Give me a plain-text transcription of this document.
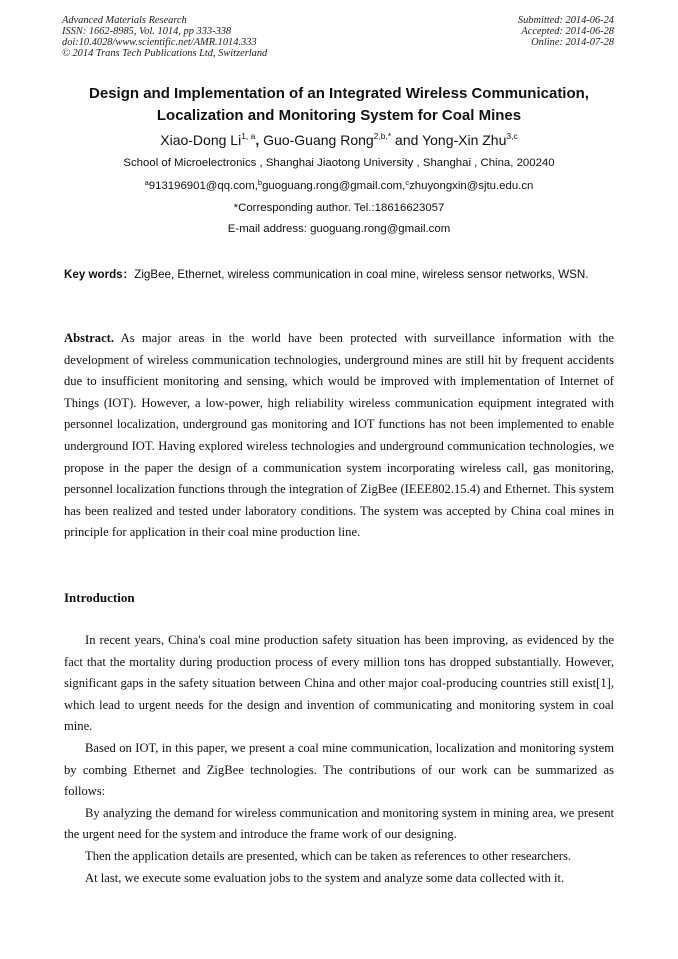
Advanced Materials Research
ISSN: 1662-8985, Vol. 1014, pp 333-338
doi:10.4028/www.scientific.net/AMR.1014.333
© 2014 Trans Tech Publications Ltd, Switzerland
Submitted: 2014-06-24
Accepted: 2014-06-28
Online: 2014-07-28
Design and Implementation of an Integrated Wireless Communication,
Localization and Monitoring System for Coal Mines
Xiao-Dong Li$^{1, a}$, Guo-Guang Rong$^{2,b,*}$ and Yong-Xin Zhu$^{3,c}$
School of Microelectronics , Shanghai Jiaotong University , Shanghai , China, 200240
$^a$913196901@qq.com,$^b$guoguang.rong@gmail.com,$^c$zhuyongxin@sjtu.edu.cn
*Corresponding author. Tel.:18616623057
E-mail address: guoguang.rong@gmail.com
Key words：ZigBee, Ethernet, wireless communication in coal mine, wireless sensor networks, WSN.
Abstract. As major areas in the world have been protected with surveillance information with the development of wireless communication technologies, underground mines are still hit by frequent accidents due to insufficient monitoring and sensing, which would be improved with implementation of Internet of Things (IOT). However, a low-power, high reliability wireless communication equipment integrated with personnel localization, underground gas monitoring and IOT functions has not been implemented to enable underground IOT. Having explored wireless technologies and underground communication technologies, we propose in the paper the design of a communication system incorporating wireless call, gas monitoring, personnel localization functions through the integration of ZigBee (IEEE802.15.4) and Ethernet. This system has been realized and tested under laboratory conditions. The system was accepted by China coal mines in principle for application in their coal mine production line.
Introduction

In recent years, China's coal mine production safety situation has been improving, as evidenced by the fact that the mortality during production process of every million tons has dropped substantially. However, significant gaps in the safety situation between China and other major coal-producing countries still exist[1], which lead to urgent needs for the design and invention of communicating and monitoring system in coal mine.

Based on IOT, in this paper, we present a coal mine communication, localization and monitoring system by combing Ethernet and ZigBee technologies. The contributions of our work can be summarized as follows:

By analyzing the demand for wireless communication and monitoring system in mining area, we present the urgent need for the system and introduce the frame work of our designing.

Then the application details are presented, which can be taken as references to other researchers.

At last, we execute some evaluation jobs to the system and analyze some data collected with it.
